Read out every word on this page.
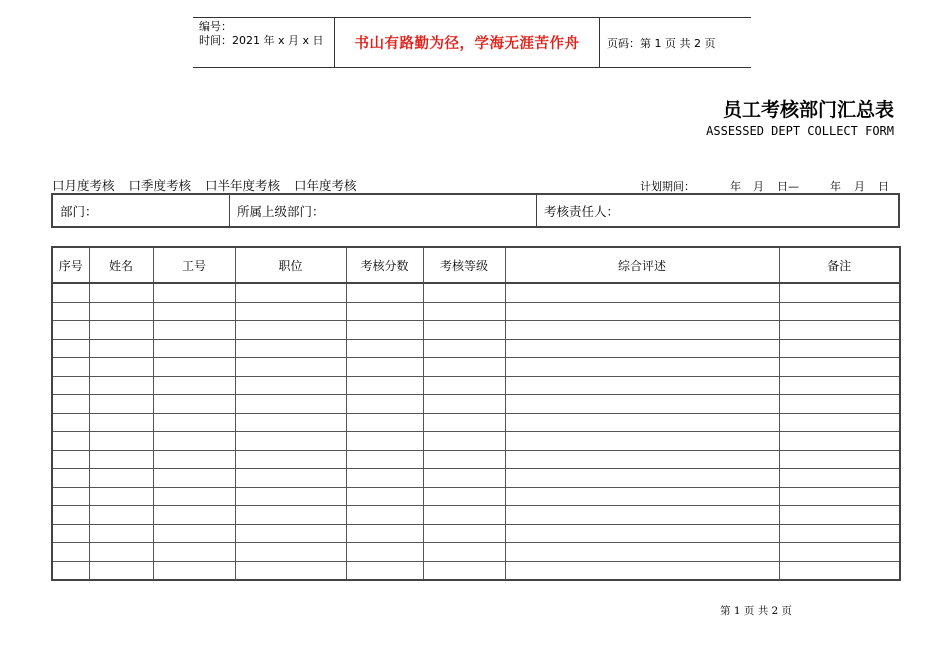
编号：
时间：2021 年 x 月 x 日	书山有路勤为径，学海无涯苦作舟	页码：第 1 页 共 2 页
员工考核部门汇总表
ASSESSED DEPT COLLECT FORM
口月度考核 口季度考核 口半年度考核 口年度考核	计划期间：	年	月	日—	年	月	日
部门：	所属上级部门：	考核责任人：
序号	姓名	工号	职位	考核分数	考核等级	综合评述	备注

第 1 页 共 2 页
